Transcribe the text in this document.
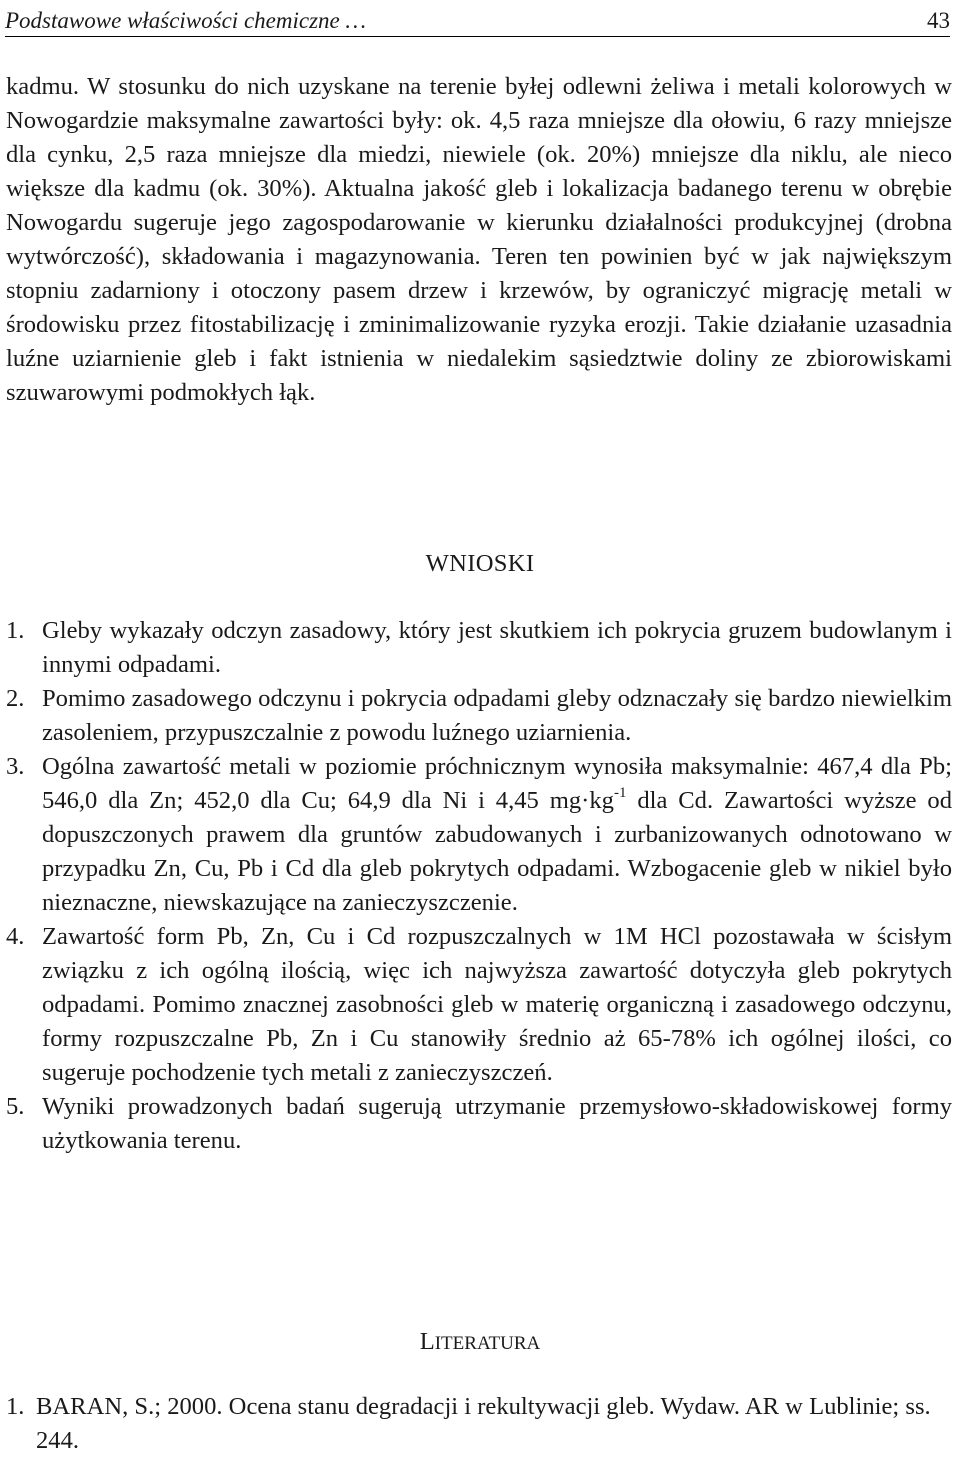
Podstawowe właściwości chemiczne …	43

kadmu. W stosunku do nich uzyskane na terenie byłej odlewni żeliwa i metali kolorowych w Nowogardzie maksymalne zawartości były: ok. 4,5 raza mniejsze dla ołowiu, 6 razy mniejsze dla cynku, 2,5 raza mniejsze dla miedzi, niewiele (ok. 20%) mniejsze dla niklu, ale nieco większe dla kadmu (ok. 30%). Aktualna jakość gleb i lokalizacja badanego terenu w obrębie Nowogardu sugeruje jego zagospodarowanie w kierunku działalności produkcyjnej (drobna wytwórczość), składowania i magazynowania. Teren ten powinien być w jak największym stopniu zadarniony i otoczony pasem drzew i krzewów, by ograniczyć migrację metali w środowisku przez fitostabilizację i zminimalizowanie ryzyka erozji. Takie działanie uzasadnia luźne uziarnienie gleb i fakt istnienia w niedalekim sąsiedztwie doliny ze zbiorowiskami szuwarowymi podmokłych łąk.

WNIOSKI
1. Gleby wykazały odczyn zasadowy, który jest skutkiem ich pokrycia gruzem budowlanym i innymi odpadami.
2. Pomimo zasadowego odczynu i pokrycia odpadami gleby odznaczały się bardzo niewielkim zasoleniem, przypuszczalnie z powodu luźnego uziarnienia.
3. Ogólna zawartość metali w poziomie próchnicznym wynosiła maksymalnie: 467,4 dla Pb; 546,0 dla Zn; 452,0 dla Cu; 64,9 dla Ni i 4,45 $mg\cdot kg^{-1}$ dla Cd. Zawartości wyższe od dopuszczonych prawem dla gruntów zabudowanych i zurbanizowanych odnotowano w przypadku Zn, Cu, Pb i Cd dla gleb pokrytych odpadami. Wzbogacenie gleb w nikiel było nieznaczne, niewskazujące na zanieczyszczenie.
4. Zawartość form Pb, Zn, Cu i Cd rozpuszczalnych w 1M HCl pozostawała w ścisłym związku z ich ogólną ilością, więc ich najwyższa zawartość dotyczyła gleb pokrytych odpadami. Pomimo znacznej zasobności gleb w materię organiczną i zasadowego odczynu, formy rozpuszczalne Pb, Zn i Cu stanowiły średnio aż 65-78% ich ogólnej ilości, co sugeruje pochodzenie tych metali z zanieczyszczeń.
5. Wyniki prowadzonych badań sugerują utrzymanie przemysłowo-składowiskowej formy użytkowania terenu.
LITERATURA
1. BARAN, S.; 2000. Ocena stanu degradacji i rekultywacji gleb. Wydaw. AR w Lublinie; ss. 244.
